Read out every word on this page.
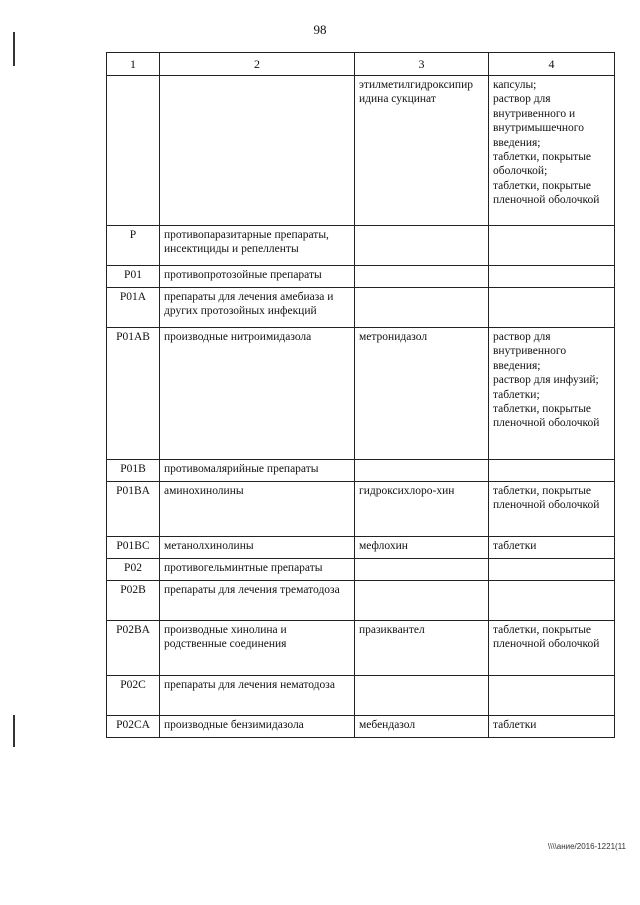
98
1	2	3	4
		этилметилгидроксипир идина сукцинат	капсулы;
раствор для внутривенного и внутримышечного введения;
таблетки, покрытые оболочкой;
таблетки, покрытые пленочной оболочкой
P	противопаразитарные препараты, инсектициды и репелленты		
P01	противопротозойные препараты		
P01A	препараты для лечения амебиаза и других протозойных инфекций		
P01AB	производные нитроимидазола	метронидазол	раствор для внутривенного введения;
раствор для инфузий;
таблетки;
таблетки, покрытые пленочной оболочкой
P01B	противомалярийные препараты		
P01BA	аминохинолины	гидроксихлоро-хин	таблетки, покрытые пленочной оболочкой
P01BC	метанолхинолины	мефлохин	таблетки
P02	противогельминтные препараты		
P02B	препараты для лечения трематодоза		
P02BA	производные хинолина и родственные соединения	празиквантел	таблетки, покрытые пленочной оболочкой
P02C	препараты для лечения нематодоза		
P02CA	производные бензимидазола	мебендазол	таблетки
\\\\ание/2016-1221(11
